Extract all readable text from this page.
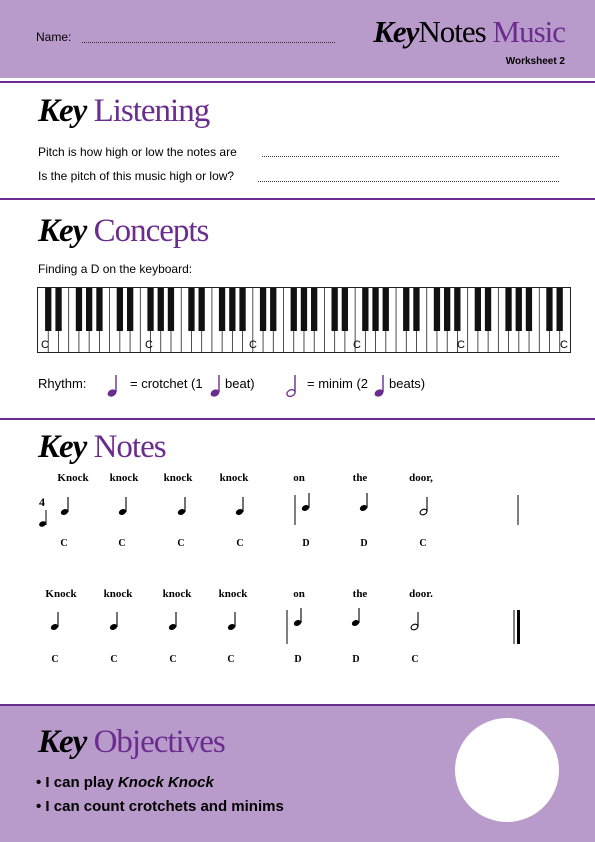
Name:	KeyNotes Music
Worksheet 2
Key Listening
Pitch is how high or low the notes are
Is the pitch of this music high or low?
Key Concepts
Finding a D on the keyboard:
C	C	C	C	C	C
Rhythm:	= crotchet (1 beat)	= minim (2 beats)
Key Notes
Knock	knock	knock	knock	on	the	door,
4
C	C	C	C	D	D	C
Knock	knock	knock	knock	on	the	door.
C	C	C	C	D	D	C
Key Objectives
• I can play Knock Knock
• I can count crotchets and minims
